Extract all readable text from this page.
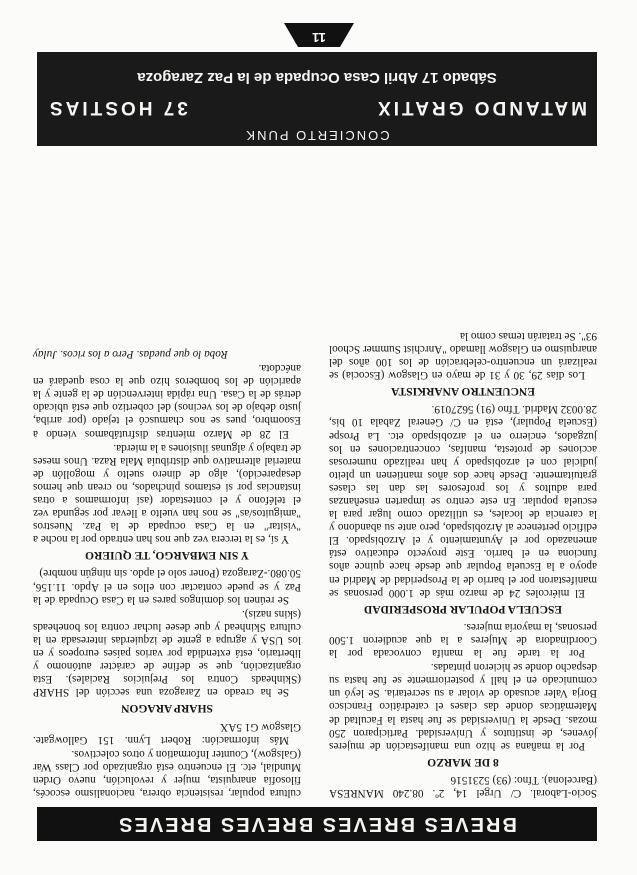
BREVES BREVES BREVES BREVES

Socio-Laboral. C/ Urgel 14, 2º. 08.240 MANRESA (Barcelona). Tfno: (93) 5231516

8 DE MARZO

Por la mañana se hizo una manifestación de mujeres jóvenes, de institutos y Universidad. Participaron 250 mozas. Desde la Universidad se fue hasta la Facultad de Matemáticas donde das clases el catedrático Francisco Borja Valer acusado de violar a su secretaria. Se leyó un comunicado en el hall y posteriormente se fue hasta su despacho donde se hicieron pintadas.

Por la tarde fue la manifa convocada por la Coordinadora de Mujeres a la que acudieron 1.500 personas, la mayoría mujeres.

ESCUELA POPULAR PROSPERIDAD

El miércoles 24 de marzo más de 1.000 personas se manifestaron por el barrio de la Prosperidad de Madrid en apoyo a la Escuela Popular que desde hace quince años funciona en el barrio. Este proyecto educativo está amenazado por el Ayuntamiento y el Arzobispado. El edificio pertenece al Arzobispado, pero ante su abandono y la carencia de locales, es utilizado como lugar para la escuela popular. En este centro se imparten enseñanzas para adultos y los profesores las dan las clases gratuitamente. Desde hace dos años mantienen un pleito judicial con el arzobispado y han realizado numerosas acciones de protesta, manifas, concentraciones en los juzgados, encierro en el arzobispado etc. La Prospe (Escuela Popular), está en C/ General Zabala 10 bis, 28.0032 Madrid. Tfno (91) 5627019.

ENCUENTRO ANARKISTA

Los días 29, 30 y 31 de mayo en Glasgow (Escocia) se realizará un encuentro-celebración de los 100 años del anarquismo en Glasgow llamado "Anrchist Summer School 93". Se tratarán temas como la

cultura popular, resistencia obrera, nacionalismo escocés, filosofía anarquista, mujer y revolución, nuevo Orden Mundial, etc. El encuentro está organizado por Class War (Galsgow), Counter Information y otros colectivos.

Más información: Robert Lynn. 151 Gallowgate. Glasgow G1 5AX

SHARP ARAGON

Se ha creado en Zaragoza una sección del SHARP (Skinheads Contra los Prejuicios Raciales). Esta organización, que se define de carácter autónomo y libertario, está extendida por varios países europeos y en los USA y agrupa a gente de izquierdas interesada en la cultura Skinhead y que desee luchar contra los boneheads (skins nazis).

Se reúnen los domingos pares en la Casa Ocupada de la Paz y se puede contactar con ellos en el Apdo. 11.156, 50.080.-Zaragoza (Poner solo el apdo. sin ningún nombre)

Y SIN EMBARGO, TE QUIERO

Y sí, es la tercera vez que nos han entrado por la noche a "visitar" en la Casa ocupada de la Paz. Nuestros "amiguitos/as" se nos han vuelto a llevar por segunda vez el teléfono y el contestador (así informamos a otras instancias por si estamos pinchados, no crean que hemos desaparecido), algo de dinero suelto y mogollón de material alternativo que distribuía Mala Raza. Unos meses de trabajo y algunas ilusiones a la mierda.

El 28 de Marzo mientras disfrutábamos viendo a Esoombro, pues se nos chamuscó el tejado (por arriba, justo debajo de los vecinos) del cobertizo que está ubicado detrás de la Casa. Una rápida intervención de la gente y la aparición de los bomberos hizo que la cosa quedará en anécdota.

Roba lo que puedas. Pero a los ricos. Julay

CONCIERTO PUNK
MATANDO GRATIX
37 HOSTIAS
Sábado 17 Abril Casa Ocupada de la Paz Zaragoza
11
